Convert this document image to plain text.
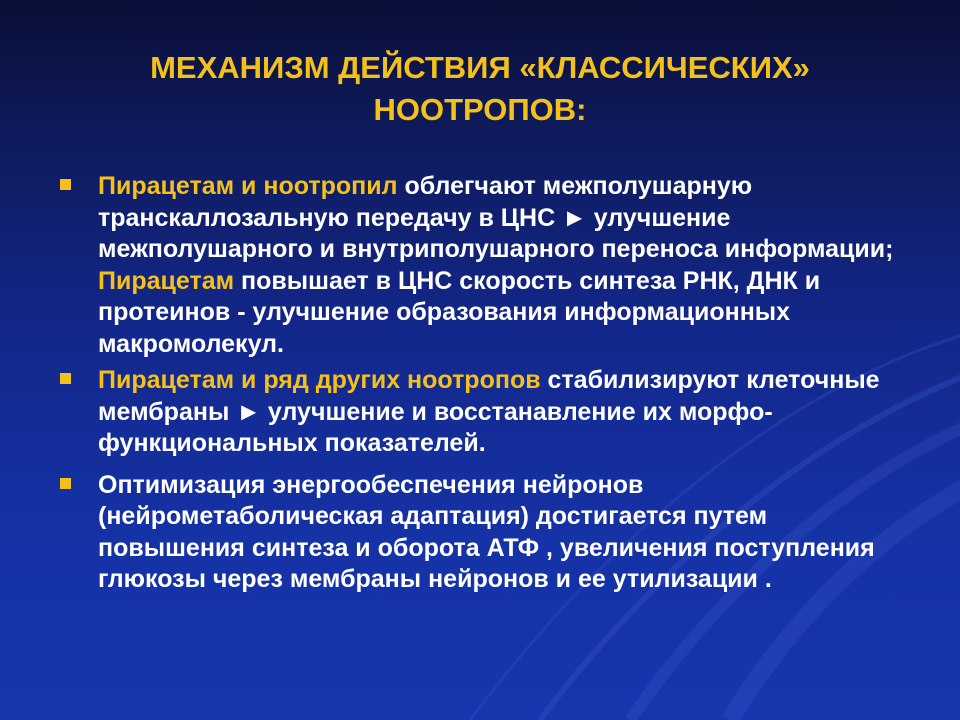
МЕХАНИЗМ ДЕЙСТВИЯ «КЛАССИЧЕСКИХ»
НООТРОПОВ:
Пирацетам и ноотропил облегчают межполушарную транскаллозальную передачу в ЦНС ► улучшение межполушарного и внутриполушарного переноса информации; Пирацетам повышает в ЦНС скорость синтеза РНК, ДНК и протеинов - улучшение образования информационных макромолекул.
Пирацетам и ряд других ноотропов стабилизируют клеточные мембраны ► улучшение и восстанавление их морфо-функциональных показателей.
Оптимизация энергообеспечения нейронов (нейрометаболическая адаптация) достигается путем повышения синтеза и оборота АТФ , увеличения поступления глюкозы через мембраны нейронов и ее утилизации .
